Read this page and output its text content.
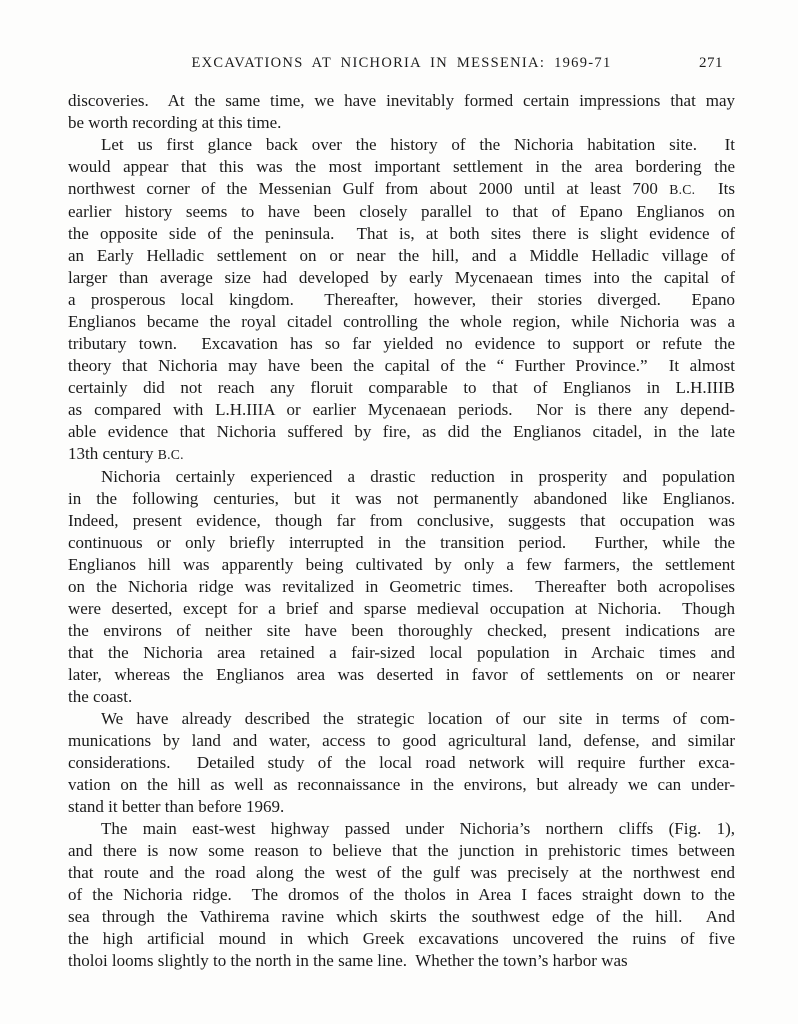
EXCAVATIONS AT NICHORIA IN MESSENIA: 1969-71	271
discoveries.  At the same time, we have inevitably formed certain impressions that may
be worth recording at this time.
Let us first glance back over the history of the Nichoria habitation site.  It
would appear that this was the most important settlement in the area bordering the
northwest corner of the Messenian Gulf from about 2000 until at least 700 B.C.  Its
earlier history seems to have been closely parallel to that of Epano Englianos on
the opposite side of the peninsula.  That is, at both sites there is slight evidence of
an Early Helladic settlement on or near the hill, and a Middle Helladic village of
larger than average size had developed by early Mycenaean times into the capital of
a prosperous local kingdom.  Thereafter, however, their stories diverged.  Epano
Englianos became the royal citadel controlling the whole region, while Nichoria was a
tributary town.  Excavation has so far yielded no evidence to support or refute the
theory that Nichoria may have been the capital of the “ Further Province.”  It almost
certainly did not reach any floruit comparable to that of Englianos in L.H.IIIB
as compared with L.H.IIIA or earlier Mycenaean periods.  Nor is there any depend-
able evidence that Nichoria suffered by fire, as did the Englianos citadel, in the late
13th century B.C.
Nichoria certainly experienced a drastic reduction in prosperity and population
in the following centuries, but it was not permanently abandoned like Englianos.
Indeed, present evidence, though far from conclusive, suggests that occupation was
continuous or only briefly interrupted in the transition period.  Further, while the
Englianos hill was apparently being cultivated by only a few farmers, the settlement
on the Nichoria ridge was revitalized in Geometric times.  Thereafter both acropolises
were deserted, except for a brief and sparse medieval occupation at Nichoria.  Though
the environs of neither site have been thoroughly checked, present indications are
that the Nichoria area retained a fair-sized local population in Archaic times and
later, whereas the Englianos area was deserted in favor of settlements on or nearer
the coast.
We have already described the strategic location of our site in terms of com-
munications by land and water, access to good agricultural land, defense, and similar
considerations.  Detailed study of the local road network will require further exca-
vation on the hill as well as reconnaissance in the environs, but already we can under-
stand it better than before 1969.
The main east-west highway passed under Nichoria’s northern cliffs (Fig. 1),
and there is now some reason to believe that the junction in prehistoric times between
that route and the road along the west of the gulf was precisely at the northwest end
of the Nichoria ridge.  The dromos of the tholos in Area I faces straight down to the
sea through the Vathirema ravine which skirts the southwest edge of the hill.  And
the high artificial mound in which Greek excavations uncovered the ruins of five
tholoi looms slightly to the north in the same line.  Whether the town’s harbor was
